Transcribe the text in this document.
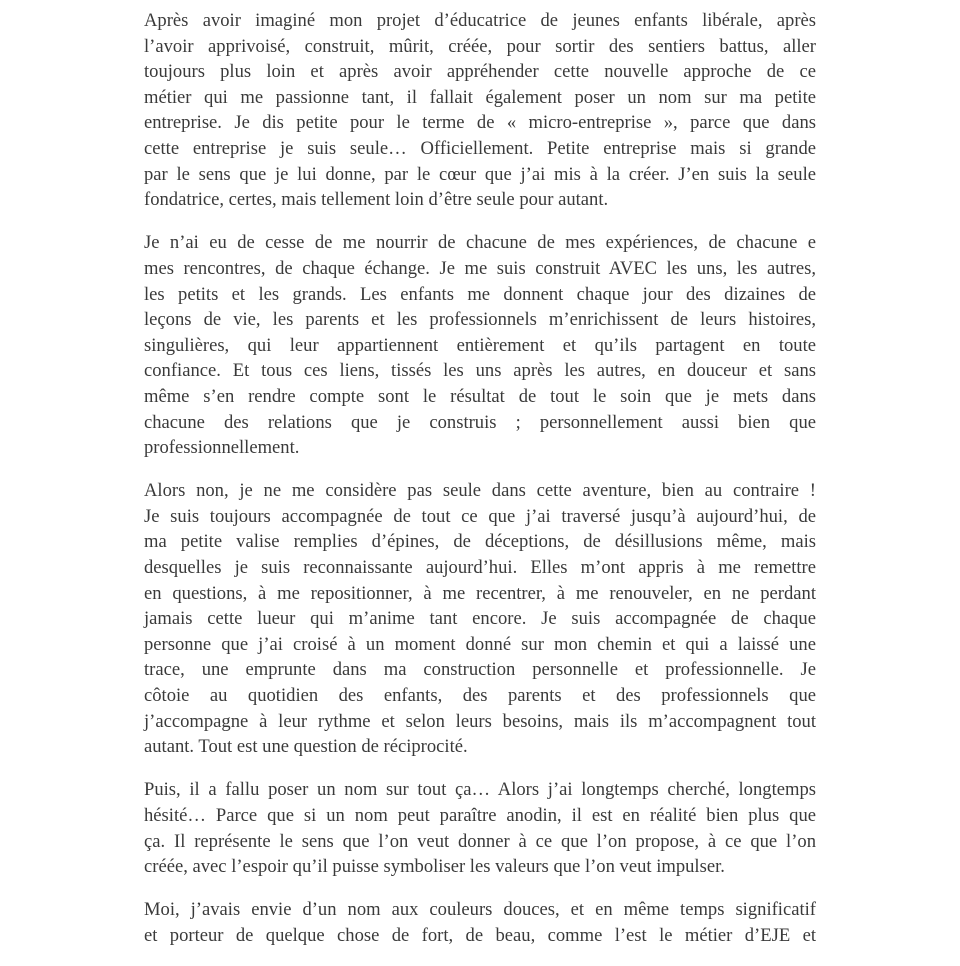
Après avoir imaginé mon projet d’éducatrice de jeunes enfants libérale, après
l’avoir apprivoisé, construit, mûrit, créée, pour sortir des sentiers battus, aller
toujours plus loin et après avoir appréhender cette nouvelle approche de ce
métier qui me passionne tant, il fallait également poser un nom sur ma petite
entreprise. Je dis petite pour le terme de « micro-entreprise », parce que dans
cette entreprise je suis seule… Officiellement. Petite entreprise mais si grande
par le sens que je lui donne, par le cœur que j’ai mis à la créer. J’en suis la seule
fondatrice, certes, mais tellement loin d’être seule pour autant.

Je n’ai eu de cesse de me nourrir de chacune de mes expériences, de chacune e
mes rencontres, de chaque échange. Je me suis construit AVEC les uns, les autres,
les petits et les grands. Les enfants me donnent chaque jour des dizaines de
leçons de vie, les parents et les professionnels m’enrichissent de leurs histoires,
singulières, qui leur appartiennent entièrement et qu’ils partagent en toute
confiance. Et tous ces liens, tissés les uns après les autres, en douceur et sans
même s’en rendre compte sont le résultat de tout le soin que je mets dans
chacune des relations que je construis ; personnellement aussi bien que
professionnellement.

Alors non, je ne me considère pas seule dans cette aventure, bien au contraire !
Je suis toujours accompagnée de tout ce que j’ai traversé jusqu’à aujourd’hui, de
ma petite valise remplies d’épines, de déceptions, de désillusions même, mais
desquelles je suis reconnaissante aujourd’hui. Elles m’ont appris à me remettre
en questions, à me repositionner, à me recentrer, à me renouveler, en ne perdant
jamais cette lueur qui m’anime tant encore. Je suis accompagnée de chaque
personne que j’ai croisé à un moment donné sur mon chemin et qui a laissé une
trace, une emprunte dans ma construction personnelle et professionnelle. Je
côtoie au quotidien des enfants, des parents et des professionnels que
j’accompagne à leur rythme et selon leurs besoins, mais ils m’accompagnent tout
autant. Tout est une question de réciprocité.

Puis, il a fallu poser un nom sur tout ça… Alors j’ai longtemps cherché, longtemps
hésité… Parce que si un nom peut paraître anodin, il est en réalité bien plus que
ça. Il représente le sens que l’on veut donner à ce que l’on propose, à ce que l’on
créée, avec l’espoir qu’il puisse symboliser les valeurs que l’on veut impulser.

Moi, j’avais envie d’un nom aux couleurs douces, et en même temps significatif
et porteur de quelque chose de fort, de beau, comme l’est le métier d’EJE et
